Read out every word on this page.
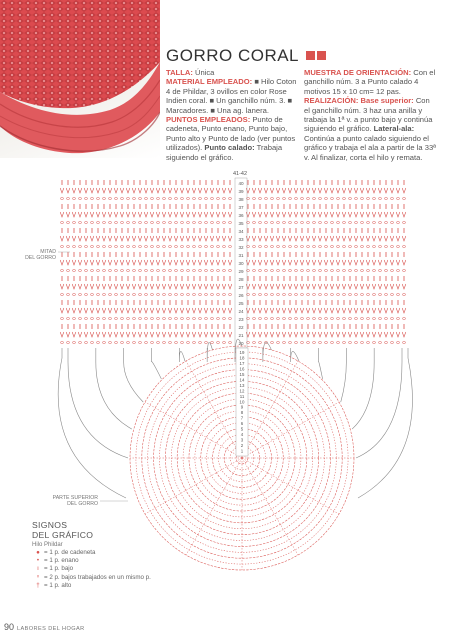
GORRO CORAL
TALLA: Única
MATERIAL EMPLEADO: ■ Hilo Coton 4 de Phildar, 3 ovillos en color Rose Indien coral. ■ Un ganchillo núm. 3. ■ Marcadores. ■ Una ag. lanera. PUNTOS EMPLEADOS: Punto de cadeneta, Punto enano, Punto bajo, Punto alto y Punto de lado (ver puntos utilizados). Punto calado: Trabaja siguiendo el gráfico.
MUESTRA DE ORIENTACIÓN: Con el ganchillo núm. 3 a Punto calado 4 motivos 15 x 10 cm= 12 pas.
REALIZACIÓN: Base superior: Con el ganchillo núm. 3 haz una anilla y trabaja la 1ª v. a punto bajo y continúa siguiendo el gráfico. Lateral-ala: Continúa a punto calado siguiendo el gráfico y trabaja el ala a partir de la 33ª v. Al finalizar, corta el hilo y remata.
41-42
40
39
38
37
36
35
34
33
32
31
30
29
28
27
26
25
24
23
22
21
20
19
18
17
16
15
14
13
12
11
10
9
8
7
6
5
4
3
2
1
MITAD
DEL GORRO
PARTE SUPERIOR
DEL GORRO
SIGNOS
DEL GRÁFICO
Hilo Phildar
● = 1 p. de cadeneta
• = 1 p. enano
ı = 1 p. bajo
ᵛ = 2 p. bajos trabajados en un mismo p.
† = 1 p. alto
90 LABORES DEL HOGAR
